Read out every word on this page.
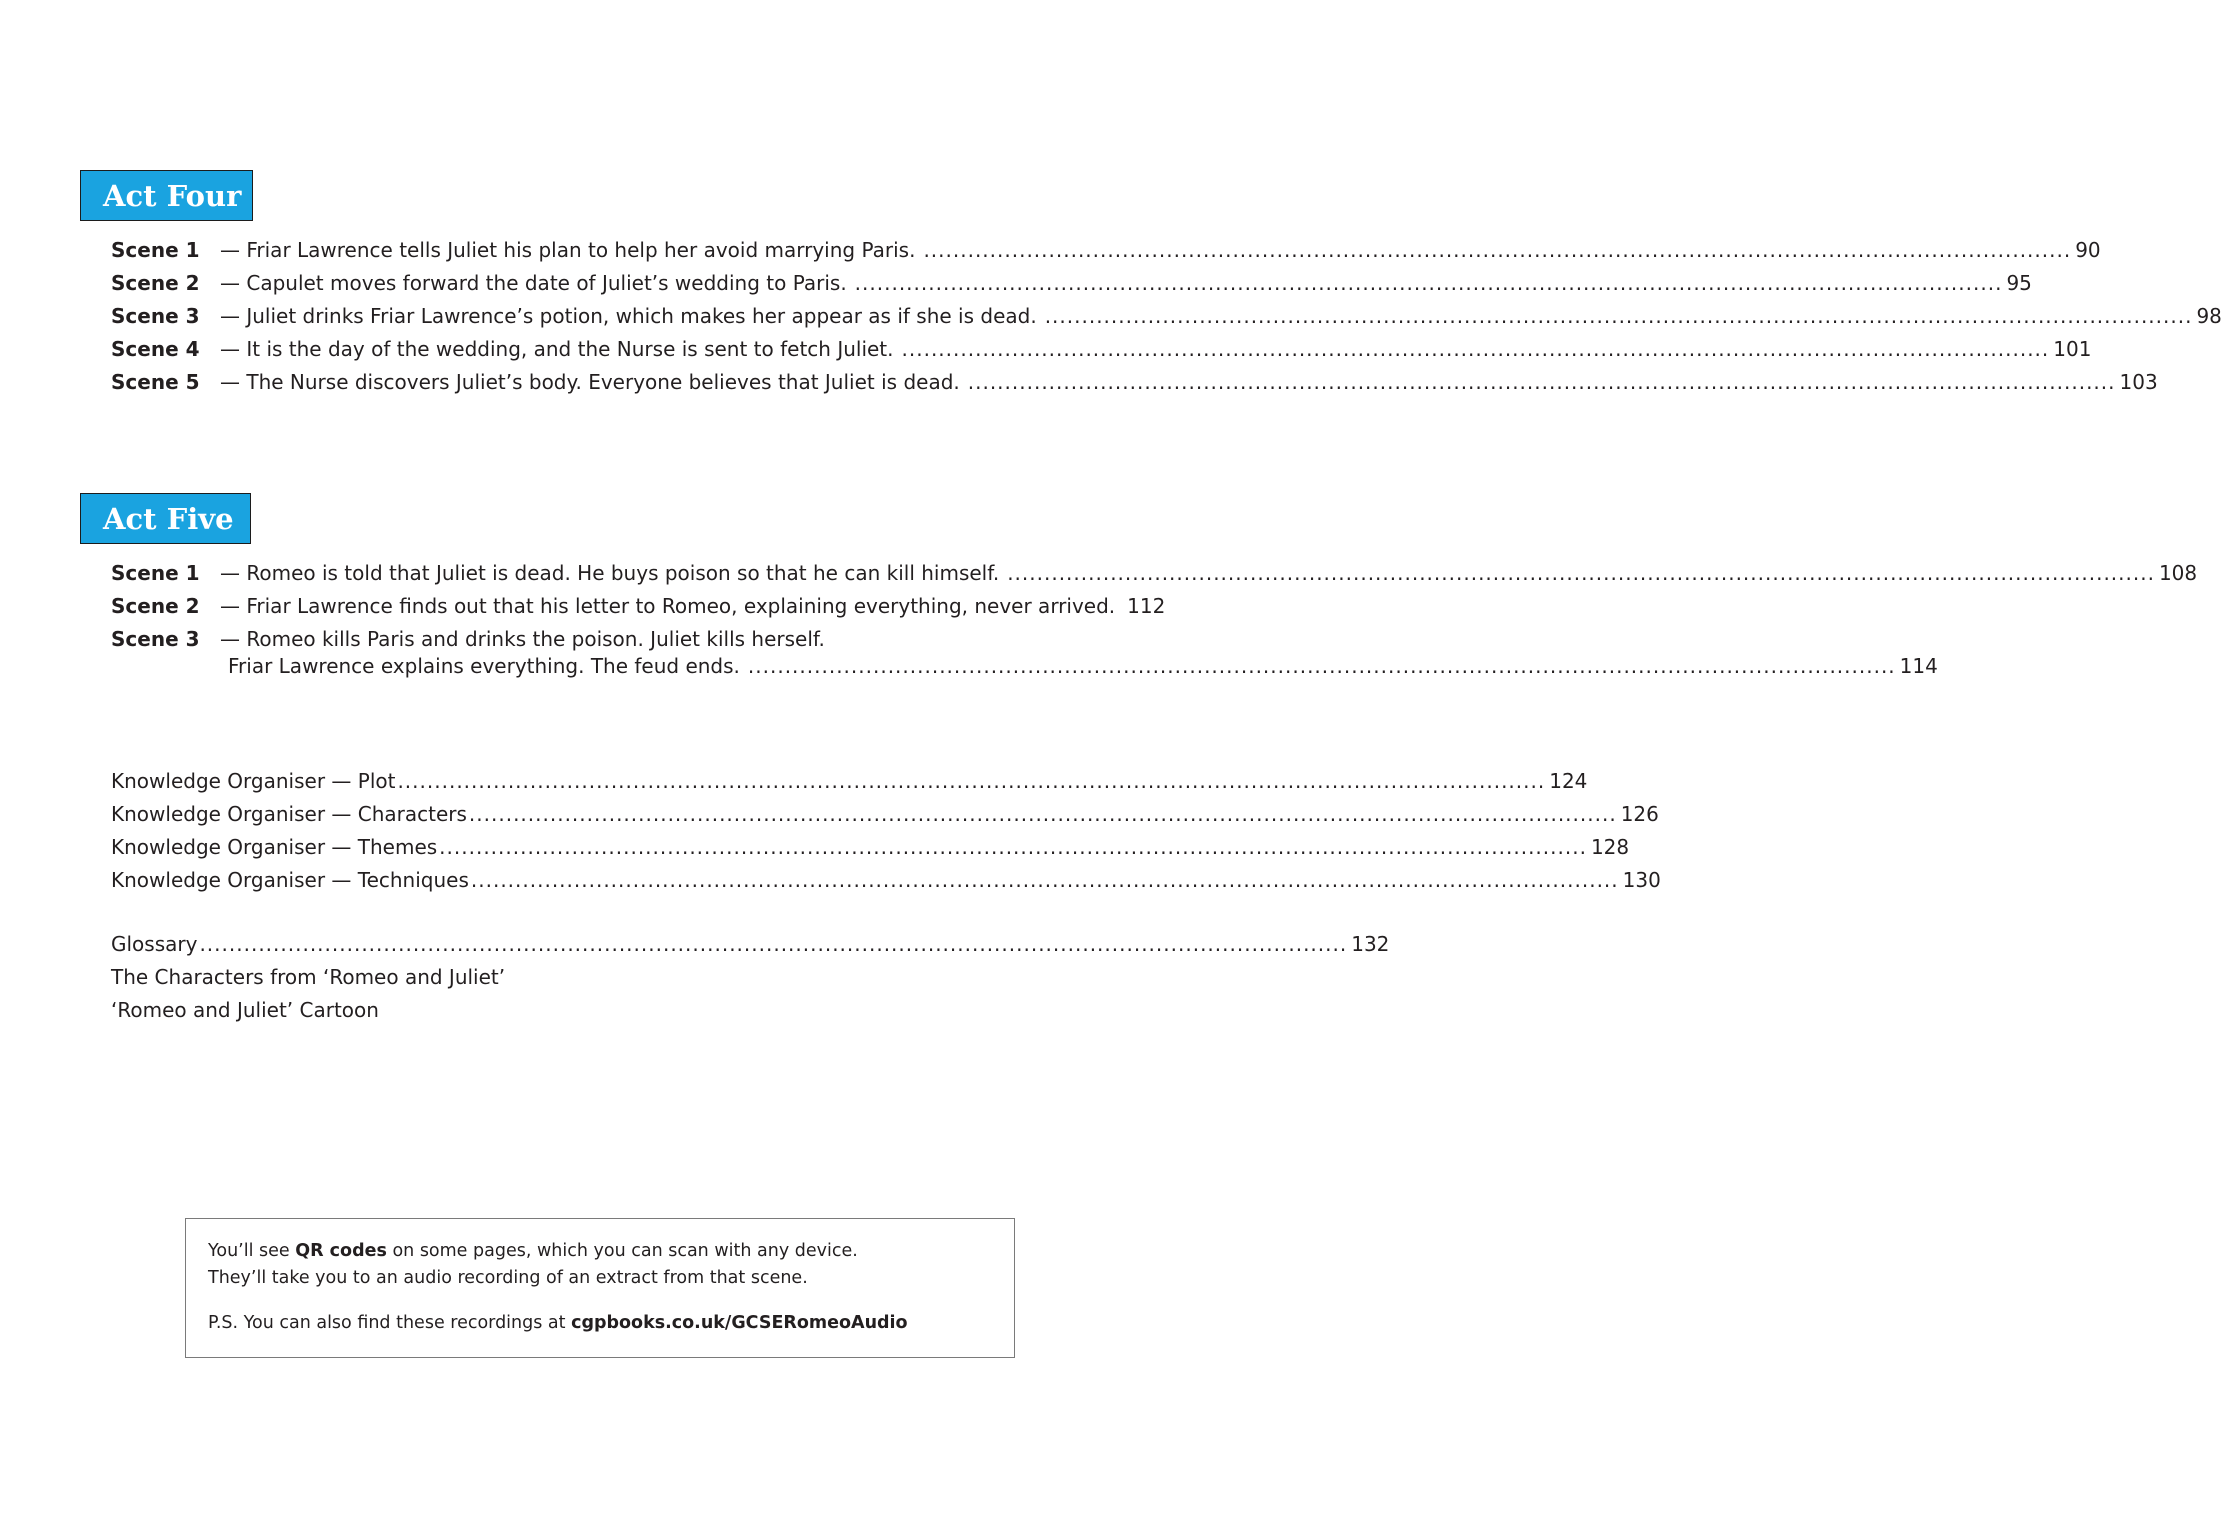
Act Four
Scene 1	— Friar Lawrence tells Juliet his plan to help her avoid marrying Paris. ............................................................................................................................................................ 90
Scene 2	— Capulet moves forward the date of Juliet’s wedding to Paris. ............................................................................................................................................................ 95
Scene 3	— Juliet drinks Friar Lawrence’s potion, which makes her appear as if she is dead. ............................................................................................................................................................ 98
Scene 4	— It is the day of the wedding, and the Nurse is sent to fetch Juliet. ............................................................................................................................................................ 101
Scene 5	— The Nurse discovers Juliet’s body. Everyone believes that Juliet is dead. ............................................................................................................................................................ 103
Act Five
Scene 1	— Romeo is told that Juliet is dead. He buys poison so that he can kill himself. ............................................................................................................................................................ 108
Scene 2	— Friar Lawrence finds out that his letter to Romeo, explaining everything, never arrived. 112
Scene 3	— Romeo kills Paris and drinks the poison. Juliet kills herself.
Friar Lawrence explains everything. The feud ends. ............................................................................................................................................................ 114
Knowledge Organiser — Plot ............................................................................................................................................................ 124
Knowledge Organiser — Characters ............................................................................................................................................................ 126
Knowledge Organiser — Themes ............................................................................................................................................................ 128
Knowledge Organiser — Techniques ............................................................................................................................................................ 130
Glossary ............................................................................................................................................................ 132
The Characters from ‘Romeo and Juliet’
‘Romeo and Juliet’ Cartoon
You’ll see QR codes on some pages, which you can scan with any device.
They’ll take you to an audio recording of an extract from that scene.
P.S. You can also find these recordings at cgpbooks.co.uk/GCSERomeoAudio
